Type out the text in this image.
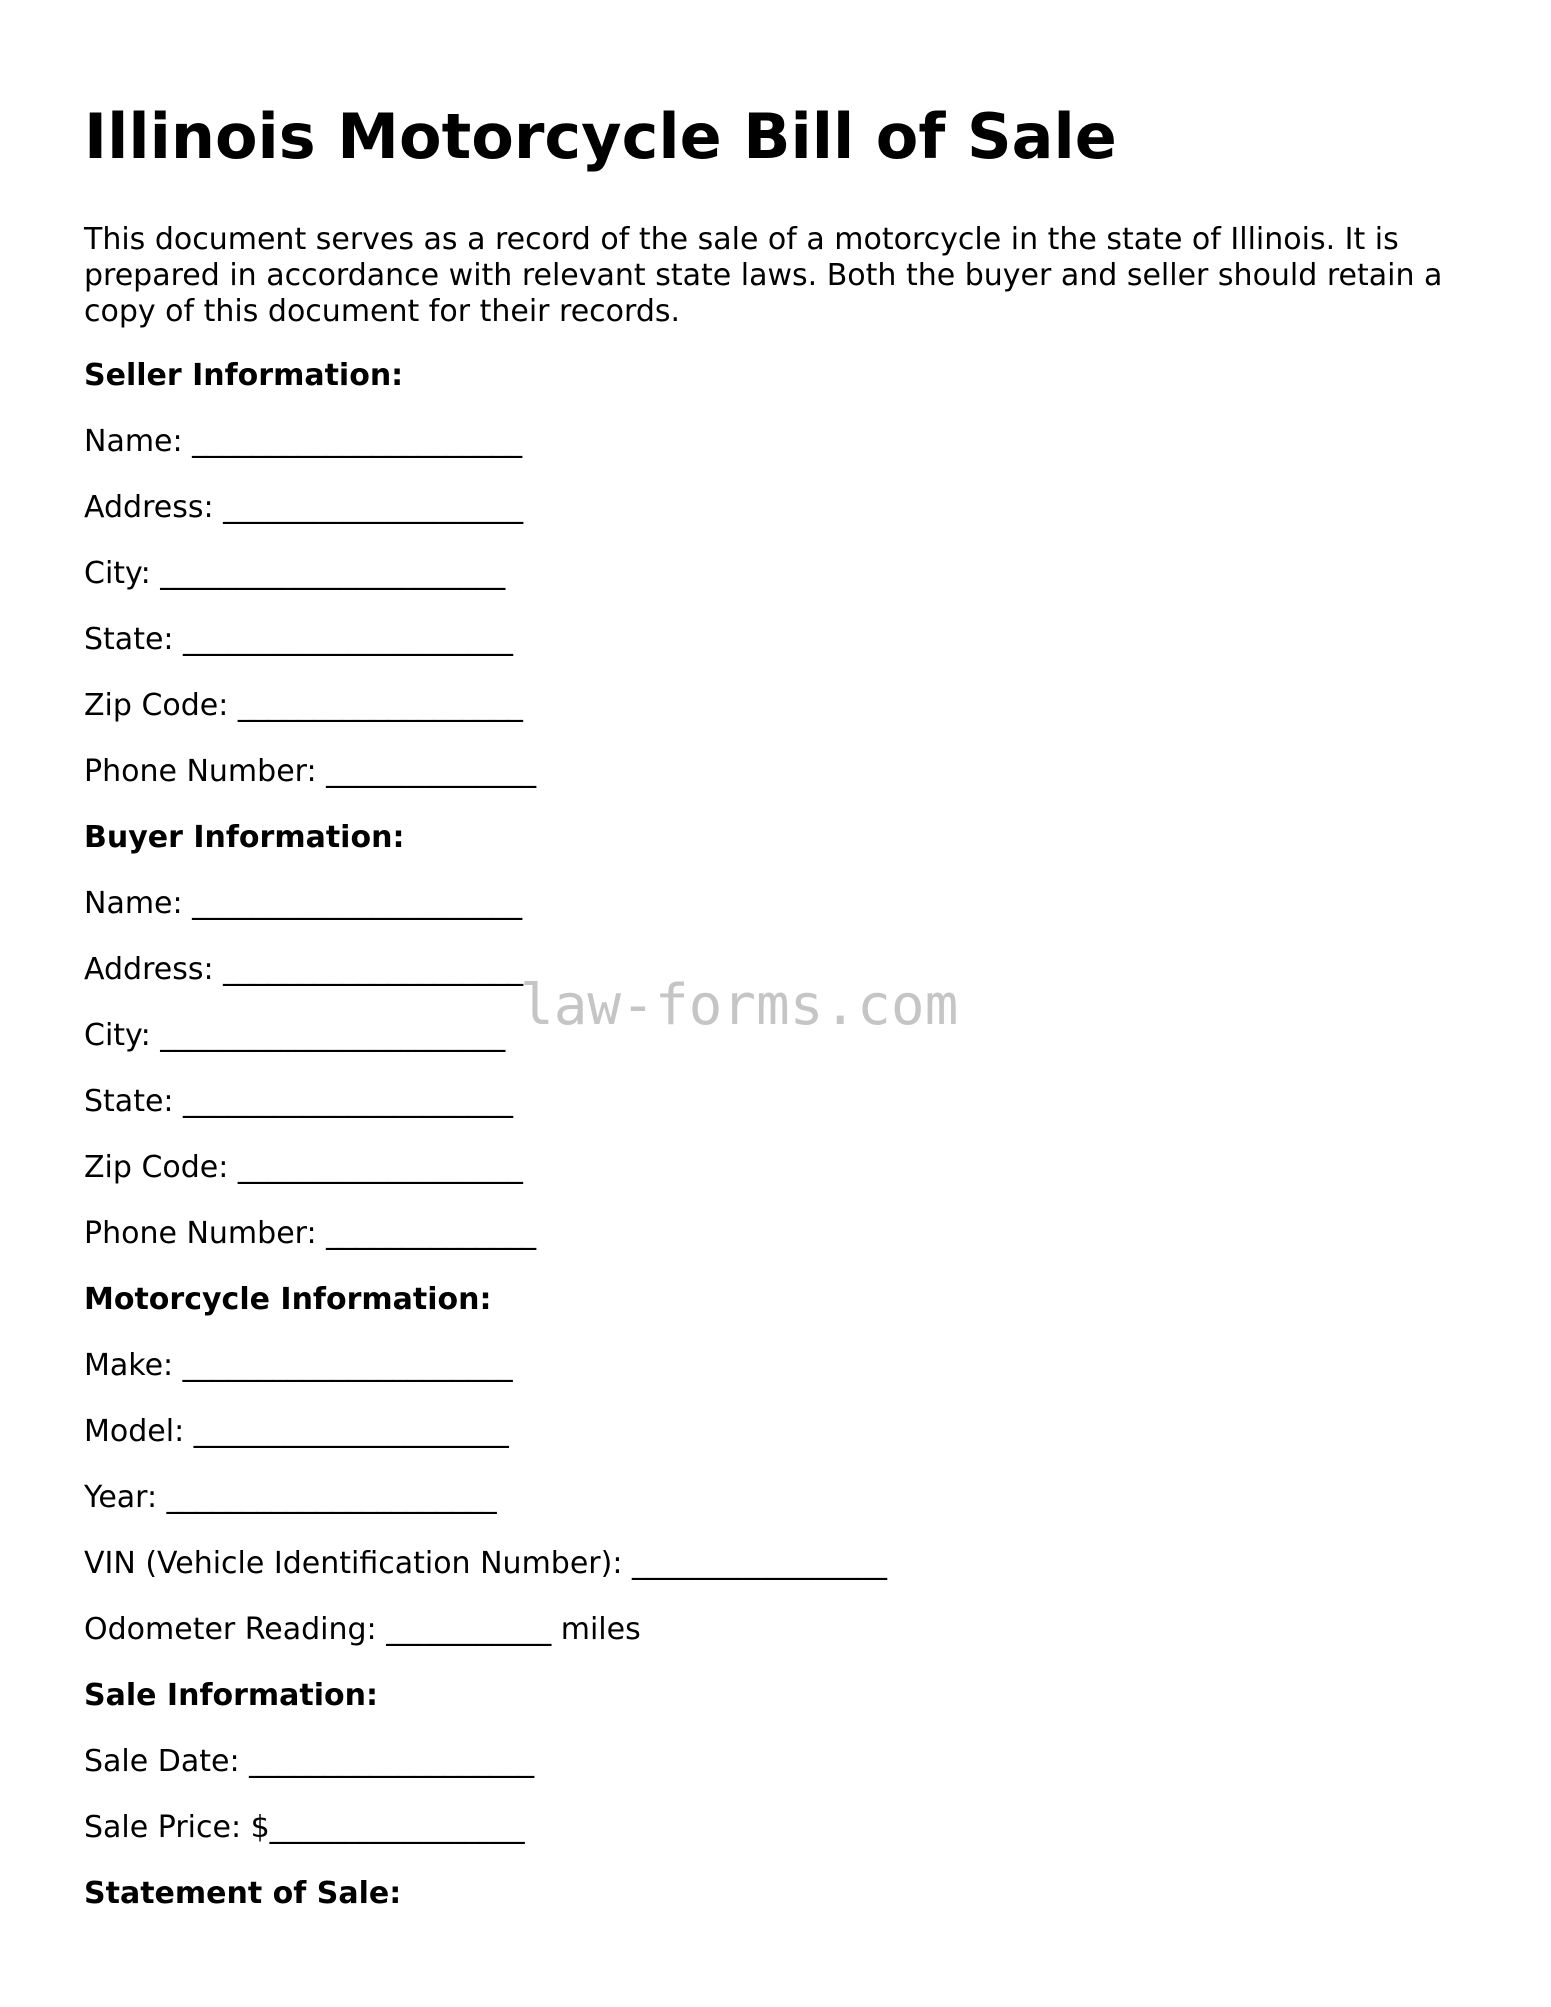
Illinois Motorcycle Bill of Sale

This document serves as a record of the sale of a motorcycle in the state of Illinois. It is prepared in accordance with relevant state laws. Both the buyer and seller should retain a copy of this document for their records.

Seller Information:

Name: ______________________

Address: ____________________

City: _______________________

State: ______________________

Zip Code: ___________________

Phone Number: ______________

Buyer Information:

Name: ______________________

Address: ____________________

City: _______________________

State: ______________________

Zip Code: ___________________

Phone Number: ______________

Motorcycle Information:

Make: ______________________

Model: _____________________

Year: ______________________

VIN (Vehicle Identification Number): _________________

Odometer Reading: ___________ miles

Sale Information:

Sale Date: ___________________

Sale Price: $_________________

Statement of Sale:

law-forms.com
